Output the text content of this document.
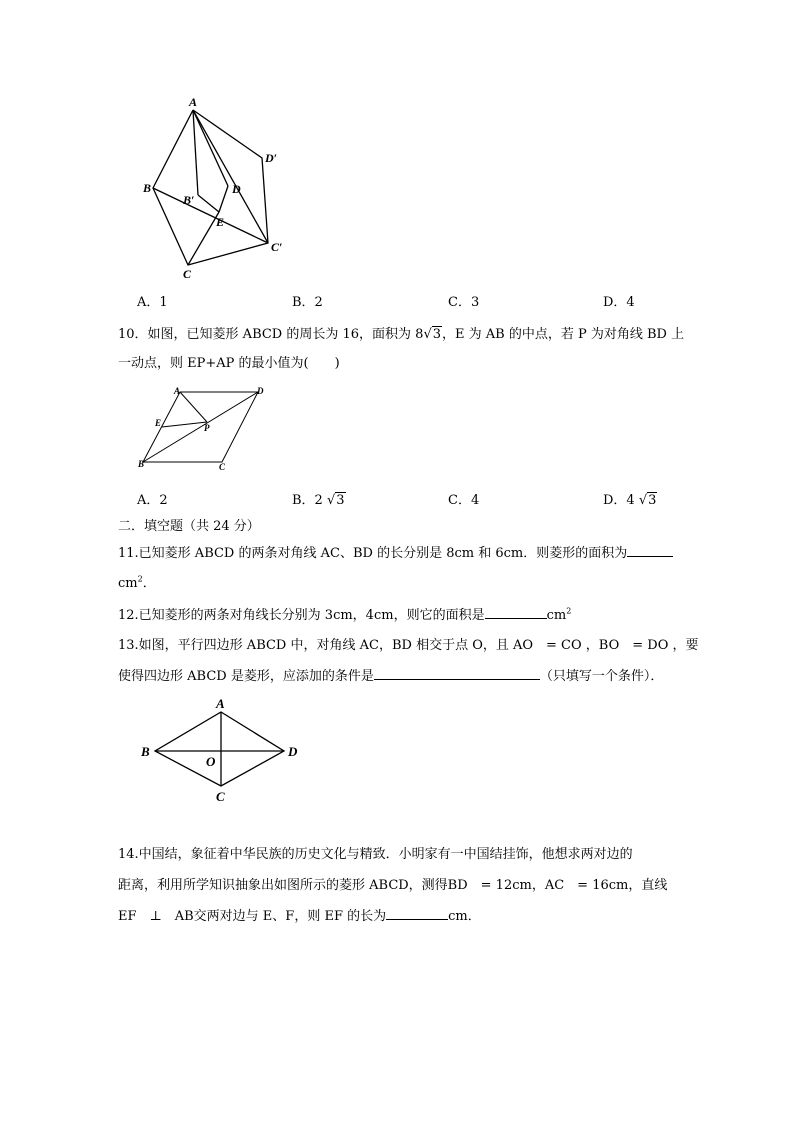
A
B
C
D
E
B′
C′
D′
A．1	B．2	C．3	D．4
10．如图，已知菱形 ABCD 的周长为 16，面积为 8√3，E 为 AB 的中点，若 P 为对角线 BD 上
一动点，则 EP+AP 的最小值为(　　)
A	D
B	C
E	P
A．2	B．2 √3	C．4	D．4 √3
二．填空题（共 24 分）
11.已知菱形 ABCD 的两条对角线 AC、BD 的长分别是 8cm 和 6cm．则菱形的面积为
$cm^2$．
12.已知菱形的两条对角线长分别为 3cm，4cm，则它的面积是	$cm^2$
13.如图，平行四边形 ABCD 中，对角线 AC，BD 相交于点 O，且 AO　= CO ，BO　= DO ，要
使得四边形 ABCD 是菱形，应添加的条件是	（只填写一个条件）．
A
B
C
D
O
14.中国结，象征着中华民族的历史文化与精致．小明家有一中国结挂饰，他想求两对边的
距离，利用所学知识抽象出如图所示的菱形 ABCD，测得BD　= 12cm，AC　= 16cm，直线
EF　⊥　AB交两对边与 E、F，则 EF 的长为	cm．
